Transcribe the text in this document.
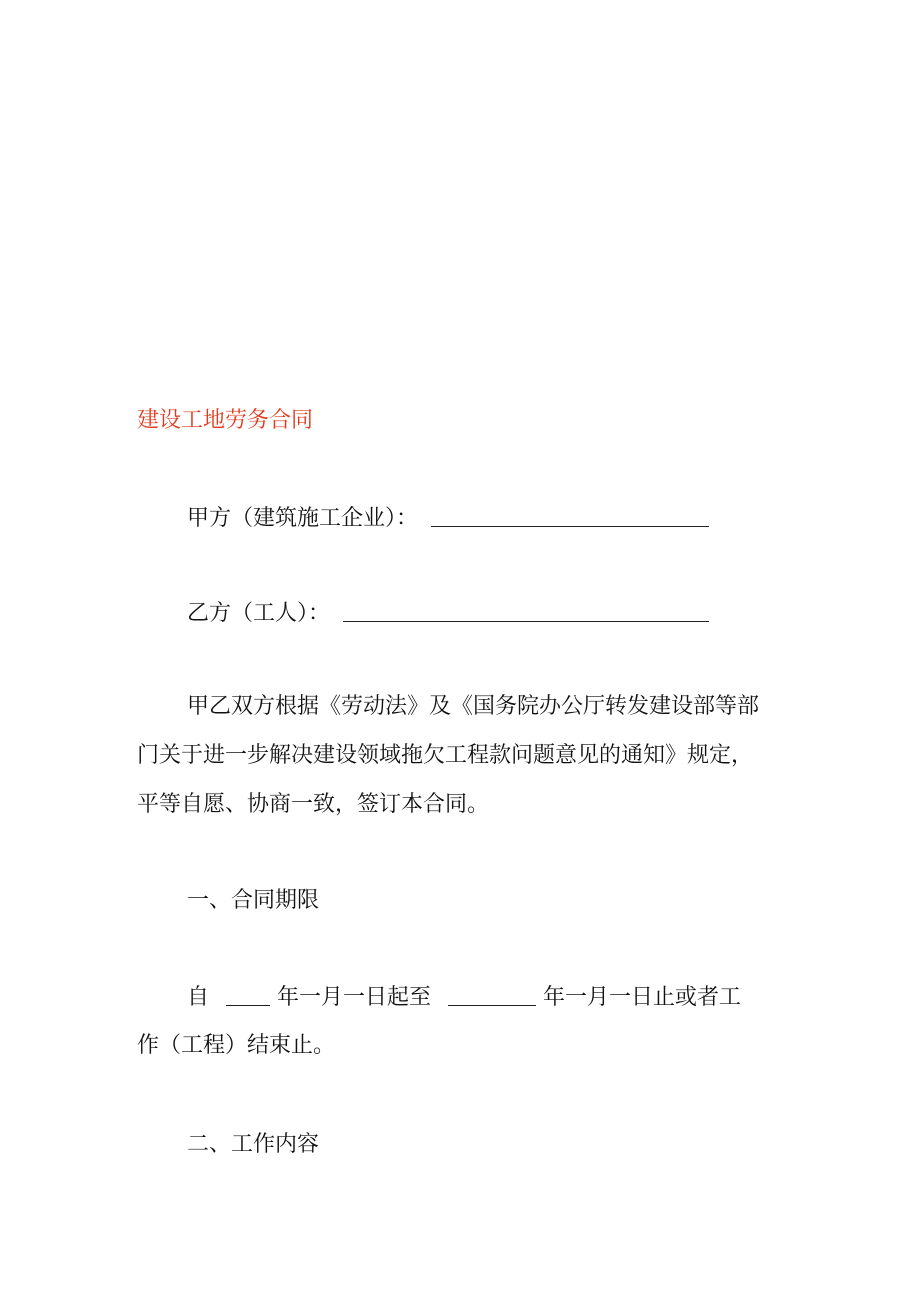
建设工地劳务合同
甲方（建筑施工企业）：
乙方（工人）：
甲乙双方根据《劳动法》及《国务院办公厅转发建设部等部
门关于进一步解决建设领域拖欠工程款问题意见的通知》规定，
平等自愿、协商一致，签订本合同。
一、合同期限
自	年一月一日起至	年一月一日止或者工
作（工程）结束止。
二、工作内容
